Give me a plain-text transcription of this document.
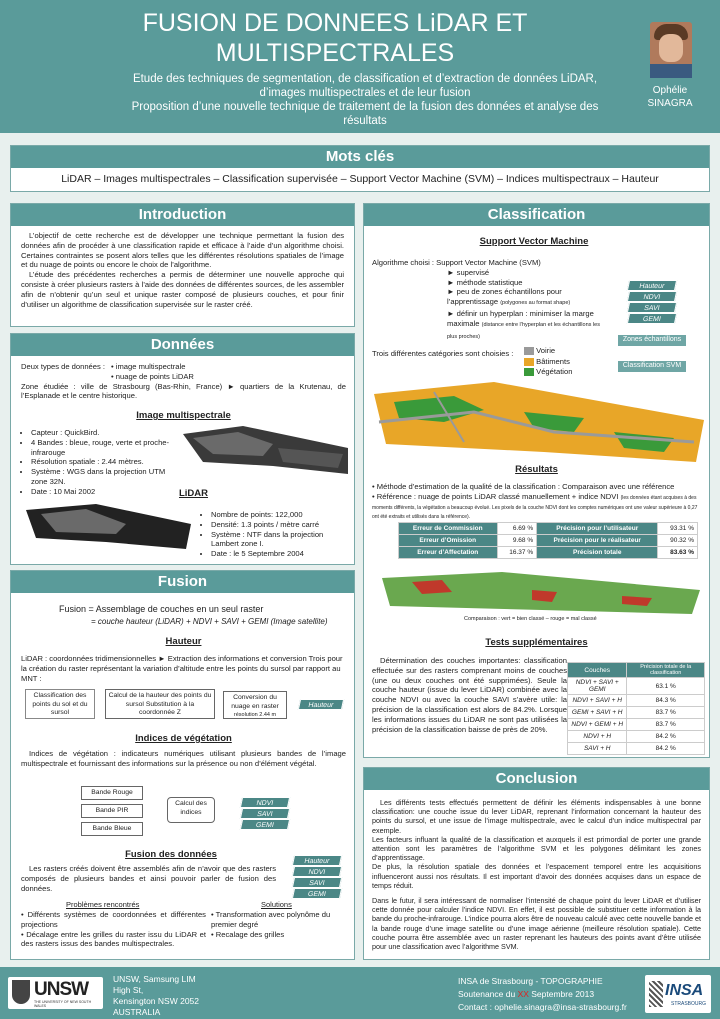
FUSION DE DONNEES LiDAR ET MULTISPECTRALES
Etude des techniques de segmentation, de classification et d’extraction de données LiDAR, d’images multispectrales et de leur fusion
Proposition d’une nouvelle technique de traitement de la fusion des données et analyse des résultats
Ophélie
SINAGRA
Mots clés
LiDAR – Images multispectrales – Classification supervisée – Support Vector Machine (SVM) – Indices multispectraux – Hauteur
Introduction

L’objectif de cette recherche est de développer une technique permettant la fusion des données afin de procéder à une classification rapide et efficace à l’aide d’un algorithme choisi. Certaines contraintes se posent alors telles que les différentes résolutions spatiales de l’image et du nuage de points ou encore le choix de l’algorithme.

L’étude des précédentes recherches a permis de déterminer une nouvelle approche qui consiste à créer plusieurs rasters à l’aide des données de différentes sources, de les assembler afin de n’obtenir qu’un seul et unique raster composé de plusieurs couches, et pour finir d’utiliser un algorithme de classification supervisée sur le raster créé.

Données
Deux types de données : • image multispectrale
• nuage de points LiDAR

Zone étudiée : ville de Strasbourg (Bas-Rhin, France) ► quartiers de la Krutenau, de l’Esplanade et le centre historique.

Image multispectrale
• Capteur : QuickBird.
• 4 Bandes : bleue, rouge, verte et proche-infrarouge
• Résolution spatiale : 2.44 mètres.
• Système : WGS dans la projection UTM zone 32N.
• Date : 10 Mai 2002	LiDAR
• Nombre de points: 122,000
• Densité: 1.3 points / mètre carré
• Système : NTF dans la projection Lambert zone I.
• Date : le 5 Septembre 2004
Fusion
Fusion = Assemblage de couches en un seul raster
= couche hauteur (LiDAR) + NDVI + SAVI + GEMI (Image satellite)
Hauteur

LiDAR : coordonnées tridimensionnelles ► Extraction des informations et conversion Trois pour la création du raster représentant la variation d’altitude entre les points du sursol par rapport au MNT :

Classification des points du sol et du sursol
Calcul de la hauteur des points du sursol Substitution à la coordonnée Z
Conversion du nuage en raster
résolution 2.44 m
Hauteur
Indices de végétation

Indices de végétation : indicateurs numériques utilisant plusieurs bandes de l’image multispectrale et fournissant des informations sur la présence ou non d’élément végétal.

Bande Rouge
Bande PIR
Bande Bleue
Calcul des indices
NDVI
SAVI
GEMI
Fusion des données

Les rasters créés doivent être assemblés afin de n’avoir que des rasters composés de plusieurs bandes et ainsi pouvoir parler de fusion des données.

Hauteur
NDVI
SAVI
GEMI
Problèmes rencontrés
• Différents systèmes de coordonnées et différentes projections
• Décalage entre les grilles du raster issu du LiDAR et des rasters issus des bandes multispectrales.
Solutions
• Transformation avec polynôme du premier degré
• Recalage des grilles
Classification
Support Vector Machine
Algorithme choisi : Support Vector Machine (SVM)
► supervisé
► méthode statistique
► peu de zones échantillons pour l’apprentissage (polygones au format shape)
► définir un hyperplan : minimiser la marge maximale (distance entre l’hyperplan et les échantillons les plus proches)
Hauteur
NDVI
SAVI
GEMI
Zones échantillons
Classification SVM
Trois différentes catégories sont choisies :	Voirie
Bâtiments
Végétation
Résultats
• Méthode d’estimation de la qualité de la classification : Comparaison avec une référence
• Référence : nuage de points LiDAR classé manuellement + indice NDVI (les données étant acquises à des moments différents, la végétation a beaucoup évolué. Les pixels de la couche NDVI dont les comptes numériques ont une valeur supérieure à 0,27 ont été extraits et utilisés dans la référence).
Erreur de Commission	6.69 %	Précision pour l’utilisateur	93.31 %
Erreur d’Omission	9.68 %	Précision pour le réalisateur	90.32 %
Erreur d’Affectation	16.37 %	Précision totale	83.63 %
Comparaison : vert = bien classé – rouge = mal classé
Tests supplémentaires

Détermination des couches importantes: classification effectuée sur des rasters comprenant moins de couches (une ou deux couches ont été supprimées). Seule la couche hauteur (issue du lever LiDAR) combinée avec la couche NDVI ou avec la couche SAVI s’avère utile: la précision de la classification est alors de 84.2%. Lorsque les informations issues du LiDAR ne sont pas utilisées la précision de la classification baisse de près de 20%.

Couches	Précision totale de la classification
NDVI + SAVI + GEMI	63.1 %
NDVI + SAVI + H	84.3 %
GEMI + SAVI + H	83.7 %
NDVI + GEMI + H	83.7 %
NDVI + H	84.2 %
SAVI + H	84.2 %
Conclusion

Les différents tests effectués permettent de définir les éléments indispensables à une bonne classification: une couche issue du lever LiDAR, reprenant l’information concernant la hauteur des points du sursol, et une issue de l’image multispectrale, avec le calcul d’un indice multispectral par exemple.

Les facteurs influant la qualité de la classification et auxquels il est primordial de porter une grande attention sont les paramètres de l’algorithme SVM et les polygones délimitant les zones d’apprentissage.

De plus, la résolution spatiale des données et l’espacement temporel entre les acquisitions influenceront aussi nos résultats. Il est important d’avoir des données acquises dans un espace de temps réduit.

Dans le futur, il sera intéressant de normaliser l’intensité de chaque point du lever LiDAR et d’utiliser cette donnée pour calculer l’indice NDVI. En effet, il est possible de substituer cette information à la bande du proche-infrarouge. L’indice pourra alors être de nouveau calculé avec cette nouvelle bande et la bande rouge d’une image satellite ou d’une image aérienne (meilleure résolution spatiale). Cette couche pourra être assemblée avec un raster reprenant les hauteurs des points avant d’être utilisée pour une classification avec l’algorithme SVM.

UNSW
THE UNIVERSITY OF NEW SOUTH WALES
UNSW, Samsung LIM
High St,
Kensington NSW 2052
AUSTRALIA
INSA de Strasbourg - TOPOGRAPHIE
Soutenance du XX Septembre 2013
Contact : ophelie.sinagra@insa-strasbourg.fr
INSA
STRASBOURG
